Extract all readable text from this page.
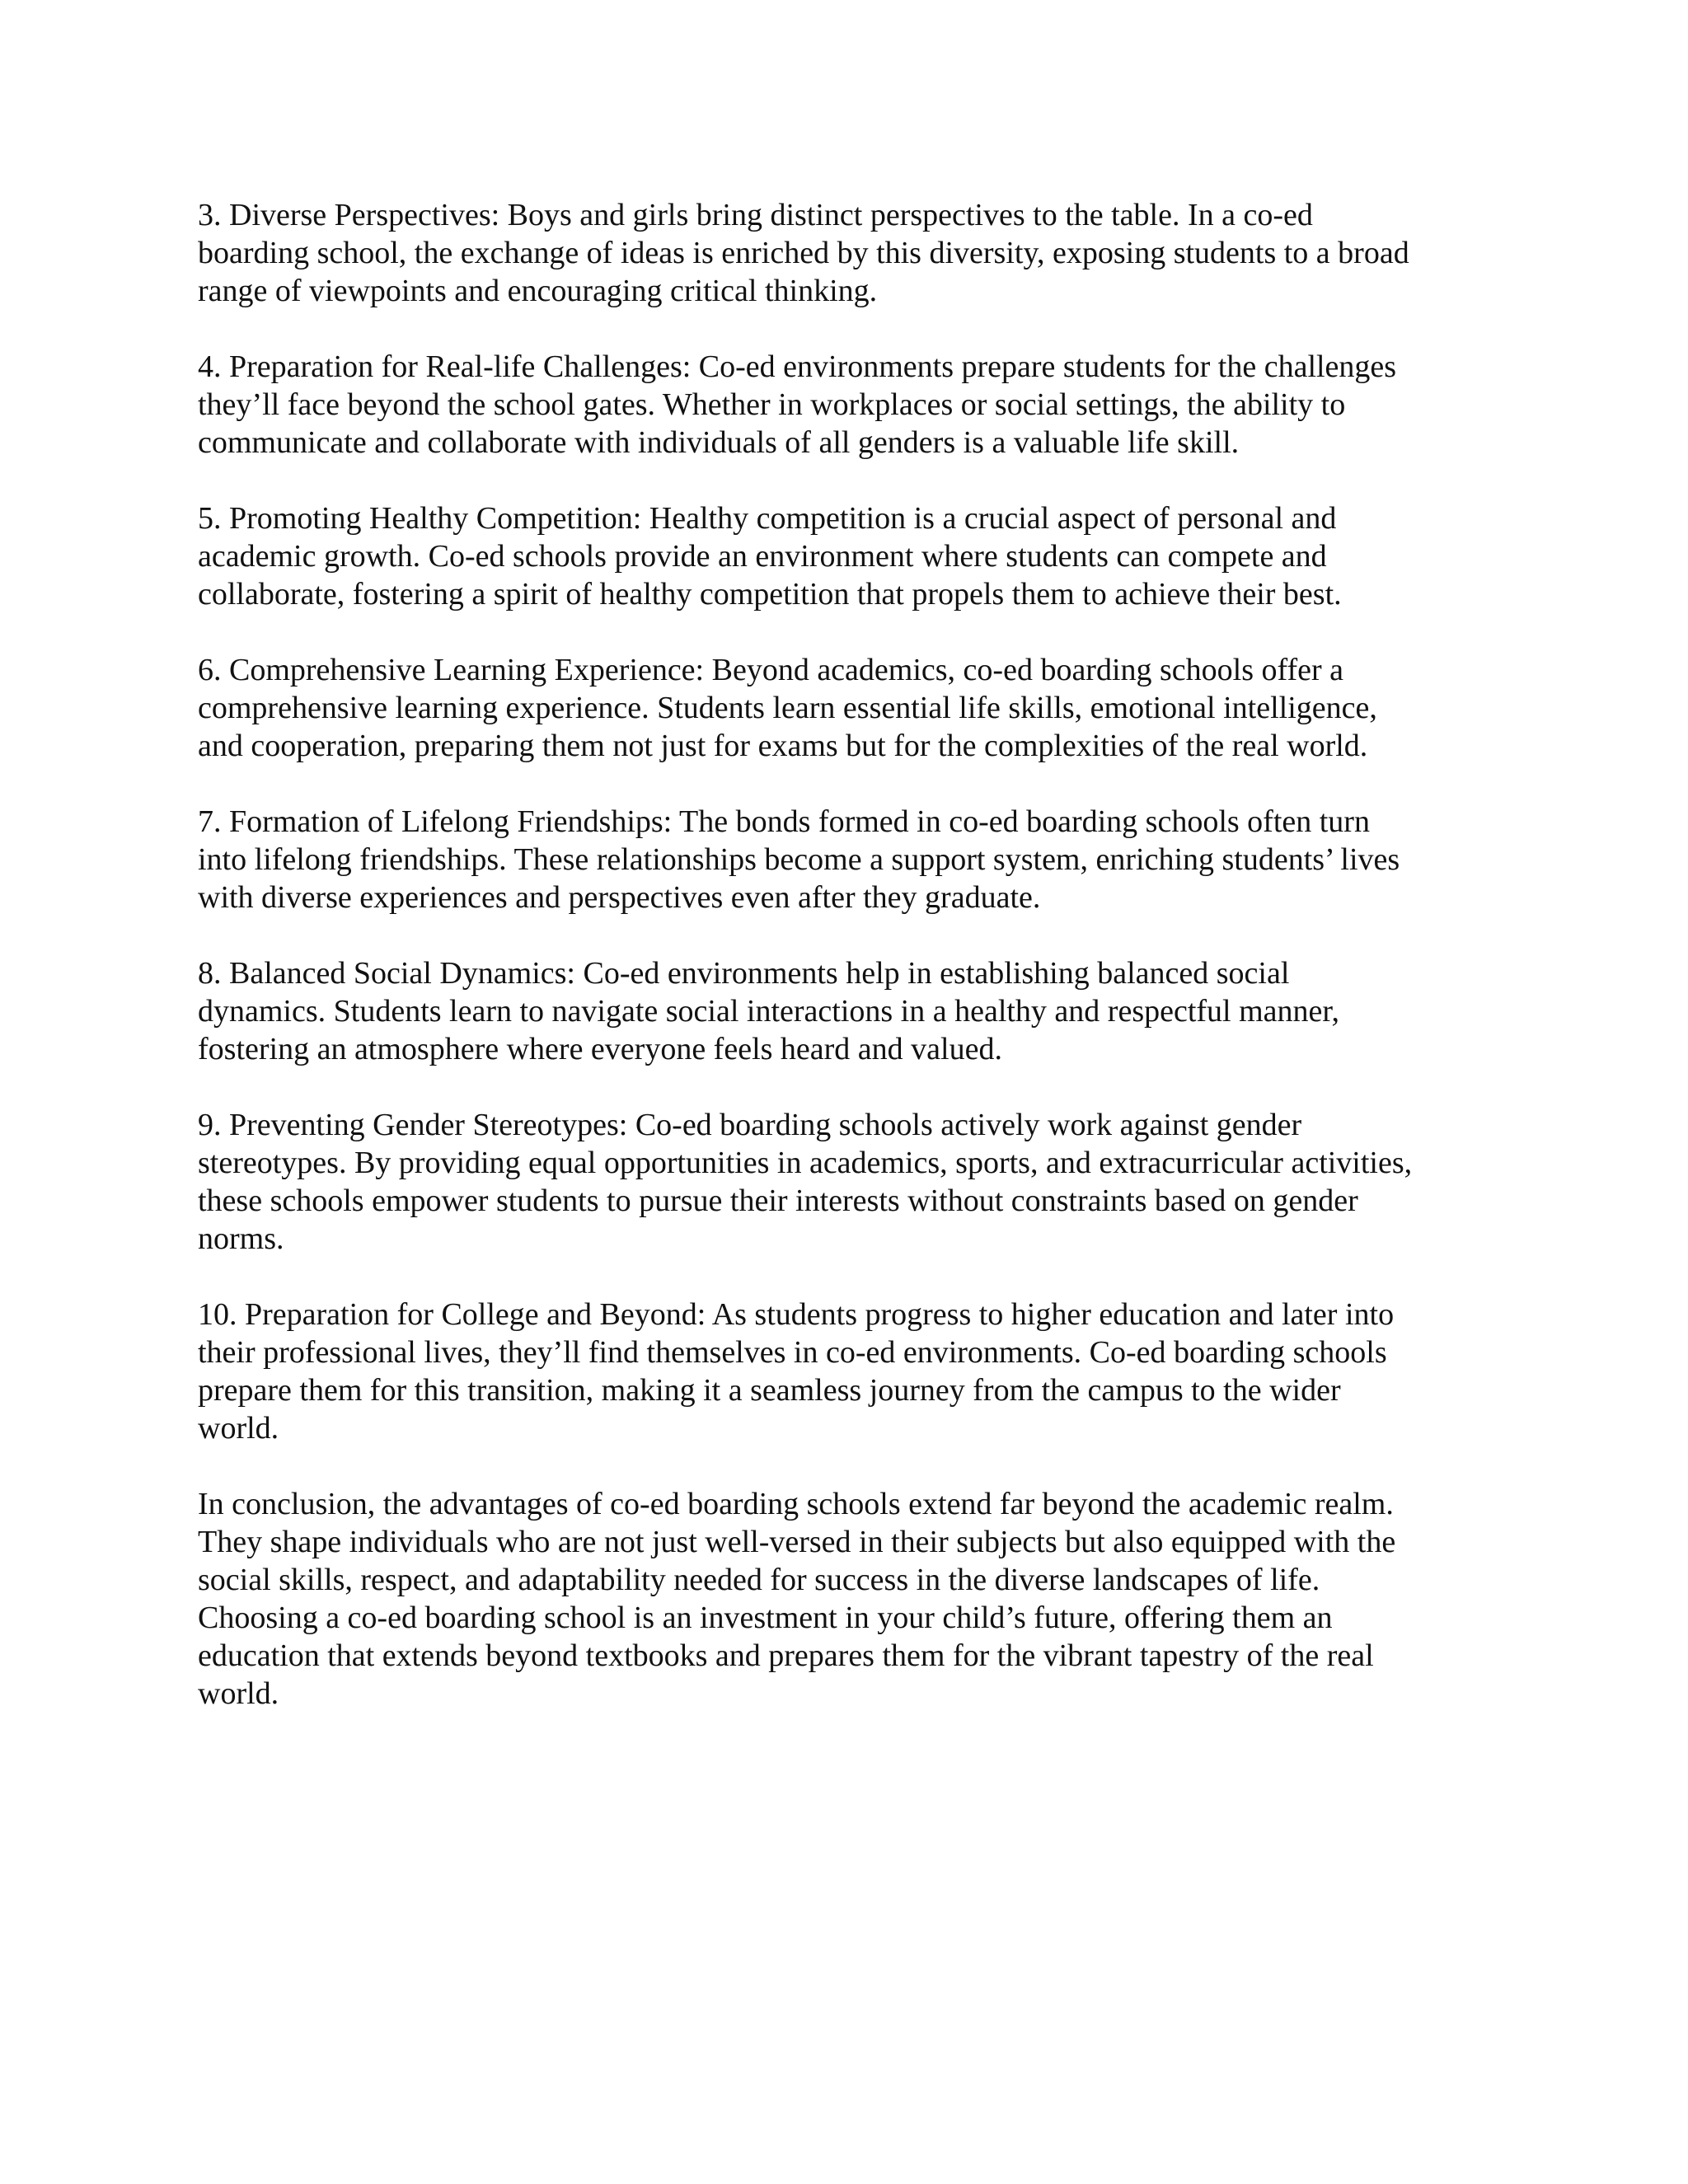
3. Diverse Perspectives: Boys and girls bring distinct perspectives to the table. In a co-ed
boarding school, the exchange of ideas is enriched by this diversity, exposing students to a broad
range of viewpoints and encouraging critical thinking.

4. Preparation for Real-life Challenges: Co-ed environments prepare students for the challenges
they’ll face beyond the school gates. Whether in workplaces or social settings, the ability to
communicate and collaborate with individuals of all genders is a valuable life skill.

5. Promoting Healthy Competition: Healthy competition is a crucial aspect of personal and
academic growth. Co-ed schools provide an environment where students can compete and
collaborate, fostering a spirit of healthy competition that propels them to achieve their best.

6. Comprehensive Learning Experience: Beyond academics, co-ed boarding schools offer a
comprehensive learning experience. Students learn essential life skills, emotional intelligence,
and cooperation, preparing them not just for exams but for the complexities of the real world.

7. Formation of Lifelong Friendships: The bonds formed in co-ed boarding schools often turn
into lifelong friendships. These relationships become a support system, enriching students’ lives
with diverse experiences and perspectives even after they graduate.

8. Balanced Social Dynamics: Co-ed environments help in establishing balanced social
dynamics. Students learn to navigate social interactions in a healthy and respectful manner,
fostering an atmosphere where everyone feels heard and valued.

9. Preventing Gender Stereotypes: Co-ed boarding schools actively work against gender
stereotypes. By providing equal opportunities in academics, sports, and extracurricular activities,
these schools empower students to pursue their interests without constraints based on gender
norms.

10. Preparation for College and Beyond: As students progress to higher education and later into
their professional lives, they’ll find themselves in co-ed environments. Co-ed boarding schools
prepare them for this transition, making it a seamless journey from the campus to the wider
world.

In conclusion, the advantages of co-ed boarding schools extend far beyond the academic realm.
They shape individuals who are not just well-versed in their subjects but also equipped with the
social skills, respect, and adaptability needed for success in the diverse landscapes of life.
Choosing a co-ed boarding school is an investment in your child’s future, offering them an
education that extends beyond textbooks and prepares them for the vibrant tapestry of the real
world.
